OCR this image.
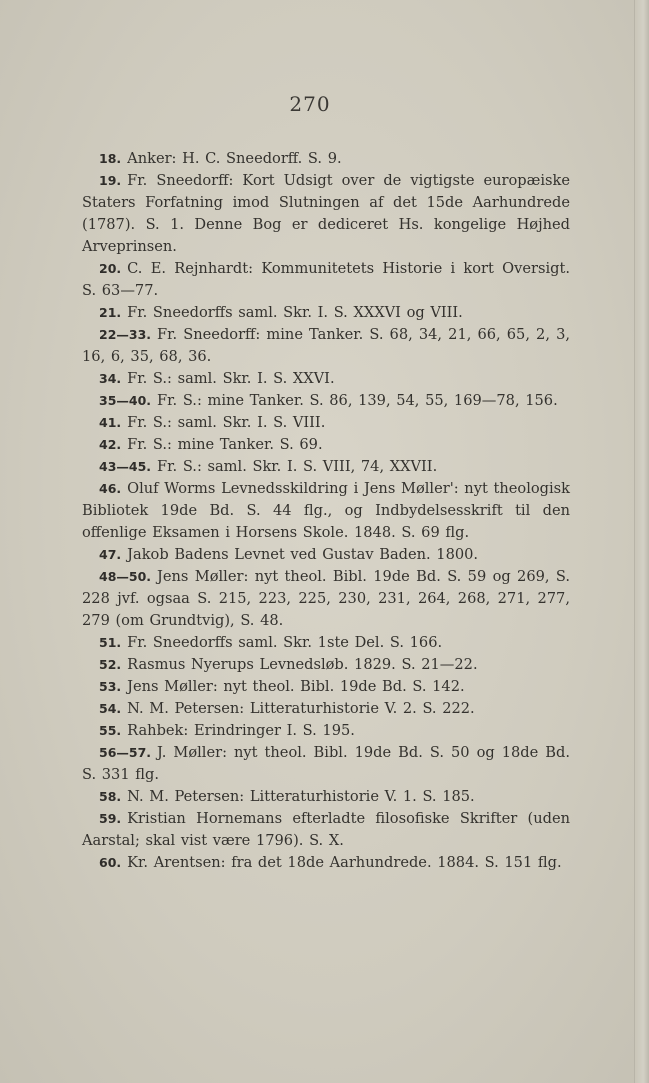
270

18. Anker: H. C. Sneedorff. S. 9.

19. Fr. Sneedorff: Kort Udsigt over de vigtigste europæiske Staters Forfatning imod Slutningen af det 15de Aarhundrede (1787). S. 1. Denne Bog er dediceret Hs. kongelige Højhed Arveprinsen.

20. C. E. Rejnhardt: Kommunitetets Historie i kort Oversigt. S. 63—77.

21. Fr. Sneedorffs saml. Skr. I. S. XXXVI og VIII.

22—33. Fr. Sneedorff: mine Tanker. S. 68, 34, 21, 66, 65, 2, 3, 16, 6, 35, 68, 36.

34. Fr. S.: saml. Skr. I. S. XXVI.

35—40. Fr. S.: mine Tanker. S. 86, 139, 54, 55, 169—78, 156.

41. Fr. S.: saml. Skr. I. S. VIII.

42. Fr. S.: mine Tanker. S. 69.

43—45. Fr. S.: saml. Skr. I. S. VIII, 74, XXVII.

46. Oluf Worms Levnedsskildring i Jens Møller': nyt theologisk Bibliotek 19de Bd. S. 44 flg., og Indbydelsesskrift til den offenlige Eksamen i Horsens Skole. 1848. S. 69 flg.

47. Jakob Badens Levnet ved Gustav Baden. 1800.

48—50. Jens Møller: nyt theol. Bibl. 19de Bd. S. 59 og 269, S. 228 jvf. ogsaa S. 215, 223, 225, 230, 231, 264, 268, 271, 277, 279 (om Grundtvig), S. 48.

51. Fr. Sneedorffs saml. Skr. 1ste Del. S. 166.

52. Rasmus Nyerups Levnedsløb. 1829. S. 21—22.

53. Jens Møller: nyt theol. Bibl. 19de Bd. S. 142.

54. N. M. Petersen: Litteraturhistorie V. 2. S. 222.

55. Rahbek: Erindringer I. S. 195.

56—57. J. Møller: nyt theol. Bibl. 19de Bd. S. 50 og 18de Bd. S. 331 flg.

58. N. M. Petersen: Litteraturhistorie V. 1. S. 185.

59. Kristian Hornemans efterladte filosofiske Skrifter (uden Aarstal; skal vist være 1796). S. X.

60. Kr. Arentsen: fra det 18de Aarhundrede. 1884. S. 151 flg.
